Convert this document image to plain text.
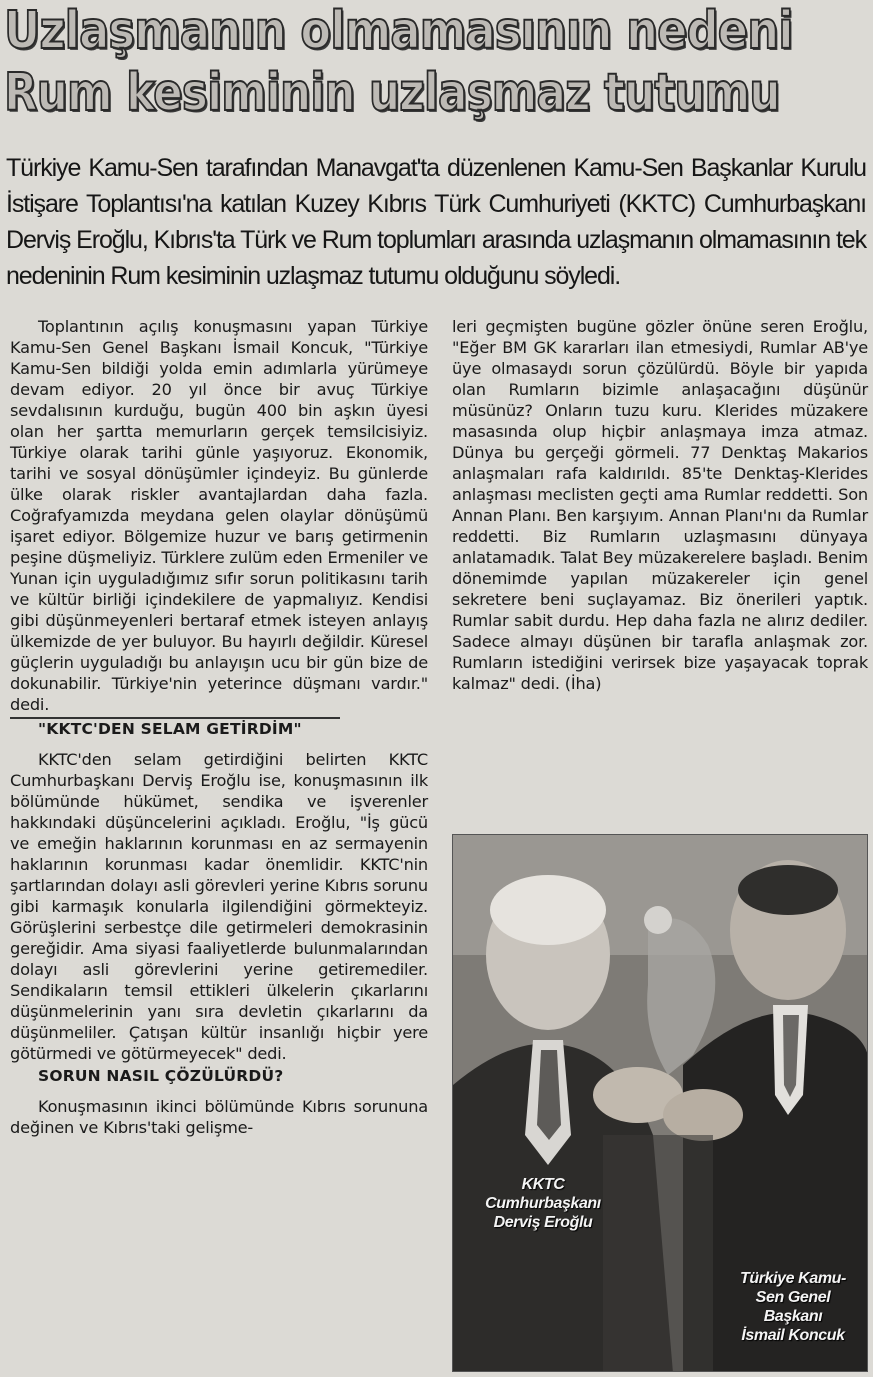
Uzlaşmanın olmamasının nedeni
Rum kesiminin uzlaşmaz tutumu
Türkiye Kamu-Sen tarafından Manavgat'ta düzenlenen Kamu-Sen Başkanlar Kurulu İstişare Toplantısı'na katılan Kuzey Kıbrıs Türk Cumhuriyeti (KKTC) Cumhurbaşkanı Derviş Eroğlu, Kıbrıs'ta Türk ve Rum toplumları arasında uzlaşmanın olmamasının tek nedeninin Rum kesiminin uzlaşmaz tutumu olduğunu söyledi.

Toplantının açılış konuşmasını yapan Türkiye Kamu-Sen Genel Başkanı İsmail Koncuk, "Türkiye Kamu-Sen bildiği yolda emin adımlarla yürümeye devam ediyor. 20 yıl önce bir avuç Türkiye sevdalısının kurduğu, bugün 400 bin aşkın üyesi olan her şartta memurların gerçek temsilcisiyiz. Türkiye olarak tarihi günle yaşıyoruz. Ekonomik, tarihi ve sosyal dönüşümler içindeyiz. Bu günlerde ülke olarak riskler avantajlardan daha fazla. Coğrafyamızda meydana gelen olaylar dönüşümü işaret ediyor. Bölgemize huzur ve barış getirmenin peşine düşmeliyiz. Türklere zulüm eden Ermeniler ve Yunan için uyguladığımız sıfır sorun politikasını tarih ve kültür birliği içindekilere de yapmalıyız. Kendisi gibi düşünmeyenleri bertaraf etmek isteyen anlayış ülkemizde de yer buluyor. Bu hayırlı değildir. Küresel güçlerin uyguladığı bu anlayışın ucu bir gün bize de dokunabilir. Türkiye'nin yeterince düşmanı vardır." dedi.

"KKTC'DEN SELAM GETİRDİM"

KKTC'den selam getirdiğini belirten KKTC Cumhurbaşkanı Derviş Eroğlu ise, konuşmasının ilk bölümünde hükümet, sendika ve işverenler hakkındaki düşüncelerini açıkladı. Eroğlu, "İş gücü ve emeğin haklarının korunması en az sermayenin haklarının korunması kadar önemlidir. KKTC'nin şartlarından dolayı asli görevleri yerine Kıbrıs sorunu gibi karmaşık konularla ilgilendiğini görmekteyiz. Görüşlerini serbestçe dile getirmeleri demokrasinin gereğidir. Ama siyasi faaliyetlerde bulunmalarından dolayı asli görevlerini yerine getiremediler. Sendikaların temsil ettikleri ülkelerin çıkarlarını düşünmelerinin yanı sıra devletin çıkarlarını da düşünmeliler. Çatışan kültür insanlığı hiçbir yere götürmedi ve götürmeyecek" dedi.

SORUN NASIL ÇÖZÜLÜRDÜ?

Konuşmasının ikinci bölümünde Kıbrıs sorununa değinen ve Kıbrıs'taki gelişme-

leri geçmişten bugüne gözler önüne seren Eroğlu, "Eğer BM GK kararları ilan etmesiydi, Rumlar AB'ye üye olmasaydı sorun çözülürdü. Böyle bir yapıda olan Rumların bizimle anlaşacağını düşünür müsünüz? Onların tuzu kuru. Klerides müzakere masasında olup hiçbir anlaşmaya imza atmaz. Dünya bu gerçeği görmeli. 77 Denktaş Makarios anlaşmaları rafa kaldırıldı. 85'te Denktaş-Klerides anlaşması meclisten geçti ama Rumlar reddetti. Son Annan Planı. Ben karşıyım. Annan Planı'nı da Rumlar reddetti. Biz Rumların uzlaşmasını dünyaya anlatamadık. Talat Bey müzakerelere başladı. Benim dönemimde yapılan müzakereler için genel sekretere beni suçlayamaz. Biz önerileri yaptık. Rumlar sabit durdu. Hep daha fazla ne alırız dediler. Sadece almayı düşünen bir tarafla anlaşmak zor. Rumların istediğini verirsek bize yaşayacak toprak kalmaz" dedi. (İha)

KKTC
Cumhurbaşkanı
Derviş Eroğlu
Türkiye Kamu-
Sen Genel
Başkanı
İsmail Koncuk
